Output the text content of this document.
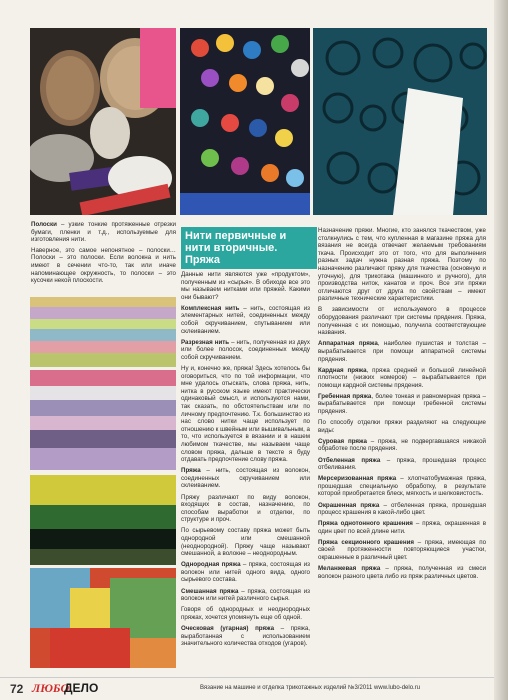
Полоски – узкие тонкие протяженные отрезки бумаги, пленки и т.д., используемые для изготовления нити.

Наверное, это самое непонятное – полоски… Полоски – это полоски. Если волокна и нить имеют в сечении что-то, так или иначе напоминающее окружность, то полоски – это кусочки некой плоскости.

Нити первичные и нити вторичные. Пряжа

Данные нити являются уже «продуктом», полученным из «сырья». В обиходе все это мы называем нитками или пряжей. Какими они бывают?

Комплексная нить – нить, состоящая из элементарных нитей, соединенных между собой скручиванием, спутыванием или склеиванием.

Разрезная нить – нить, полученная из двух или более полосок, соединенных между собой скручиванием.

Ну и, конечно же, пряжа! Здесь хотелось бы оговориться, что по той информации, что мне удалось отыскать, слова пряжа, нить, нитка в русском языке имеют практически одинаковый смысл, и используются нами, так сказать, по обстоятельствам или по личному предпочтению. Т.к. большинство из нас слово нитки чаще использует по отношению к швейным или вышивальным, а то, что используется в вязании и в нашем любимом ткачестве, мы называем чаще словом пряжа, дальше в тексте я буду отдавать предпочтение слову пряжа.

Пряжа – нить, состоящая из волокон, соединенных скручиванием или склеиванием.

Пряжу различают по виду волокон, входящих в состав, назначению, по способам выработки и отделки, по структуре и проч.

По сырьевому составу пряжа может быть однородной или смешанной (неоднородной). Пряжу чаще называют смешанной, а волокне – неоднородным.

Однородная пряжа – пряжа, состоящая из волокон или нитей одного вида, одного сырьевого состава.

Смешанная пряжа – пряжа, состоящая из волокон или нитей различного сырья.

Говоря об однородных и неоднородных пряжах, хочется упомянуть еще об одной.

Оческовая (угарная) пряжа – пряжа, выработанная с использованием значительного количества отходов (угаров).

Назначение пряжи. Многие, кто занялся ткачеством, уже столкнулись с тем, что купленная в магазине пряжа для вязания не всегда отвечает желаемым требованиям ткача. Происходит это от того, что для выполнения разных задач нужна разная пряжа. Поэтому по назначению различают пряжу для ткачества (основную и уточную), для трикотажа (машинного и ручного), для производства ниток, канатов и проч. Все эти пряжи отличаются друг от друга по свойствам – имеют различные технические характеристики.

В зависимости от используемого в процессе оборудования различают три системы прядения. Пряжа, полученная с их помощью, получила соответствующие названия.

Аппаратная пряжа, наиболее пушистая и толстая – вырабатывается при помощи аппаратной системы прядения.

Кардная пряжа, пряжа средней и большой линейной плотности (низких номеров) – вырабатывается при помощи кардной системы прядения.

Гребенная пряжа, более тонкая и равномерная пряжа – вырабатывается при помощи гребенной системы прядения.

По способу отделки пряжи разделяют на следующие виды:

Суровая пряжа – пряжа, не подвергавшаяся никакой обработке после прядения.

Отбеленная пряжа – пряжа, прошедшая процесс отбеливания.

Мерсеризованная пряжа – хлопчатобумажная пряжа, прошедшая специальную обработку, в результате которой приобретается блеск, мягкость и шелковистость.

Окрашенная пряжа – отбеленная пряжа, прошедшая процесс крашения в какой-либо цвет.

Пряжа однотонного крашения – пряжа, окрашенная в один цвет по всей длине нити.

Пряжа секционного крашения – пряжа, имеющая по своей протяженности повторяющиеся участки, окрашенные в различный цвет.

Меланжевая пряжа – пряжа, полученная из смеси волокон разного цвета либо из пряж различных цветов.

72 ЛЮБО
ДЕЛО	Вязание на машине и отделка трикотажных изделий №3/2011 www.lubo-delo.ru
